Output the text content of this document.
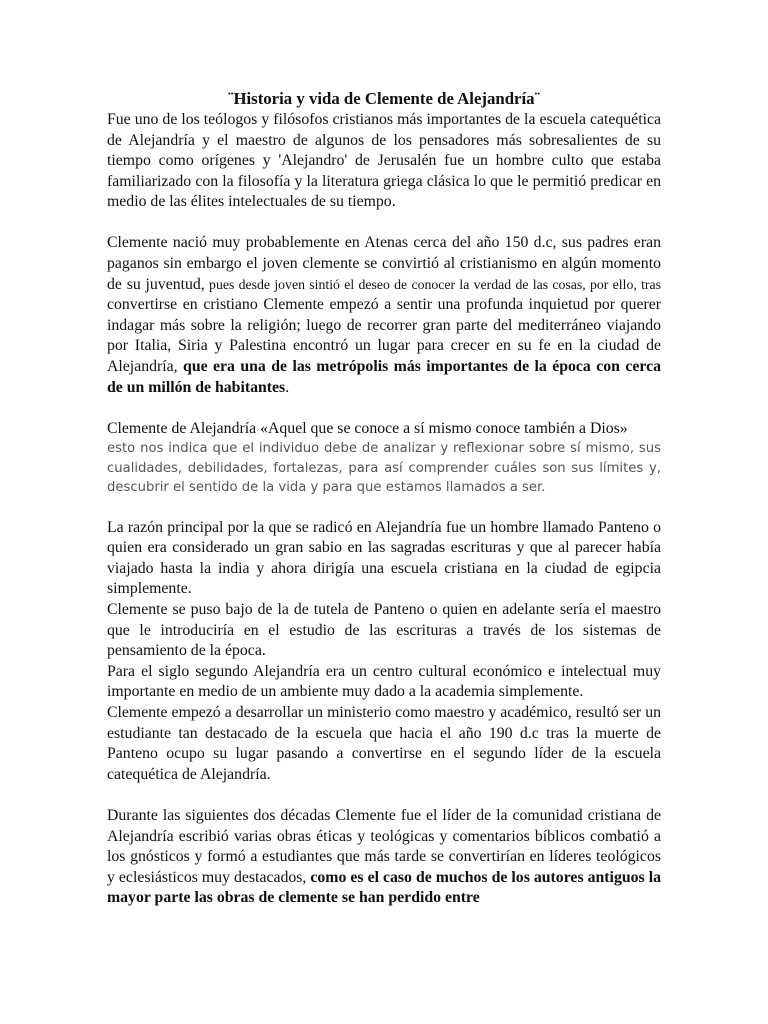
¨Historia y vida de Clemente de Alejandría¨

Fue uno de los teólogos y filósofos cristianos más importantes de la escuela catequética de Alejandría y el maestro de algunos de los pensadores más sobresalientes de su tiempo como orígenes y 'Alejandro' de Jerusalén fue un hombre culto que estaba familiarizado con la filosofía y la literatura griega clásica lo que le permitió predicar en medio de las élites intelectuales de su tiempo.

Clemente nació muy probablemente en Atenas cerca del año 150 d.c, sus padres eran paganos sin embargo el joven clemente se convirtió al cristianismo en algún momento de su juventud, pues desde joven sintió el deseo de conocer la verdad de las cosas, por ello, tras convertirse en cristiano Clemente empezó a sentir una profunda inquietud por querer indagar más sobre la religión; luego de recorrer gran parte del mediterráneo viajando por Italia, Siria y Palestina encontró un lugar para crecer en su fe en la ciudad de Alejandría, que era una de las metrópolis más importantes de la época con cerca de un millón de habitantes.

Clemente de Alejandría «Aquel que se conoce a sí mismo conoce también a Dios»

esto nos indica que el individuo debe de analizar y reflexionar sobre sí mismo, sus cualidades, debilidades, fortalezas, para así comprender cuáles son sus límites y, descubrir el sentido de la vida y para que estamos llamados a ser.

La razón principal por la que se radicó en Alejandría fue un hombre llamado Panteno o quien era considerado un gran sabio en las sagradas escrituras y que al parecer había viajado hasta la india y ahora dirigía una escuela cristiana en la ciudad de egipcia simplemente.

Clemente se puso bajo de la de tutela de Panteno o quien en adelante sería el maestro que le introduciría en el estudio de las escrituras a través de los sistemas de pensamiento de la época.

Para el siglo segundo Alejandría era un centro cultural económico e intelectual muy importante en medio de un ambiente muy dado a la academia simplemente.

Clemente empezó a desarrollar un ministerio como maestro y académico, resultó ser un estudiante tan destacado de la escuela que hacia el año 190 d.c tras la muerte de Panteno ocupo su lugar pasando a convertirse en el segundo líder de la escuela catequética de Alejandría.

Durante las siguientes dos décadas Clemente fue el líder de la comunidad cristiana de Alejandría escribió varias obras éticas y teológicas y comentarios bíblicos combatió a los gnósticos y formó a estudiantes que más tarde se convertirían en líderes teológicos y eclesiásticos muy destacados, como es el caso de muchos de los autores antiguos la mayor parte las obras de clemente se han perdido entre
